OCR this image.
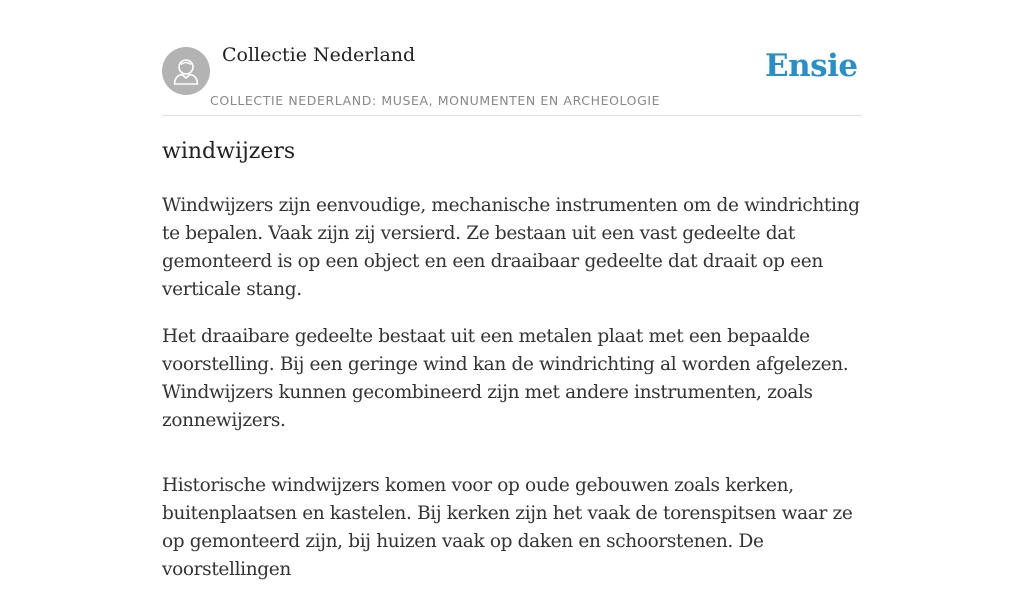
Collectie Nederland
COLLECTIE NEDERLAND: MUSEA, MONUMENTEN EN ARCHEOLOGIE
Ensie
windwijzers

Windwijzers zijn eenvoudige, mechanische instrumenten om de windrichting te bepalen. Vaak zijn zij versierd. Ze bestaan uit een vast gedeelte dat gemonteerd is op een object en een draaibaar gedeelte dat draait op een verticale stang.

Het draaibare gedeelte bestaat uit een metalen plaat met een bepaalde voorstelling. Bij een geringe wind kan de windrichting al worden afgelezen. Windwijzers kunnen gecombineerd zijn met andere instrumenten, zoals zonnewijzers.

Historische windwijzers komen voor op oude gebouwen zoals kerken, buitenplaatsen en kastelen. Bij kerken zijn het vaak de torenspitsen waar ze op gemonteerd zijn, bij huizen vaak op daken en schoorstenen. De voorstellingen
